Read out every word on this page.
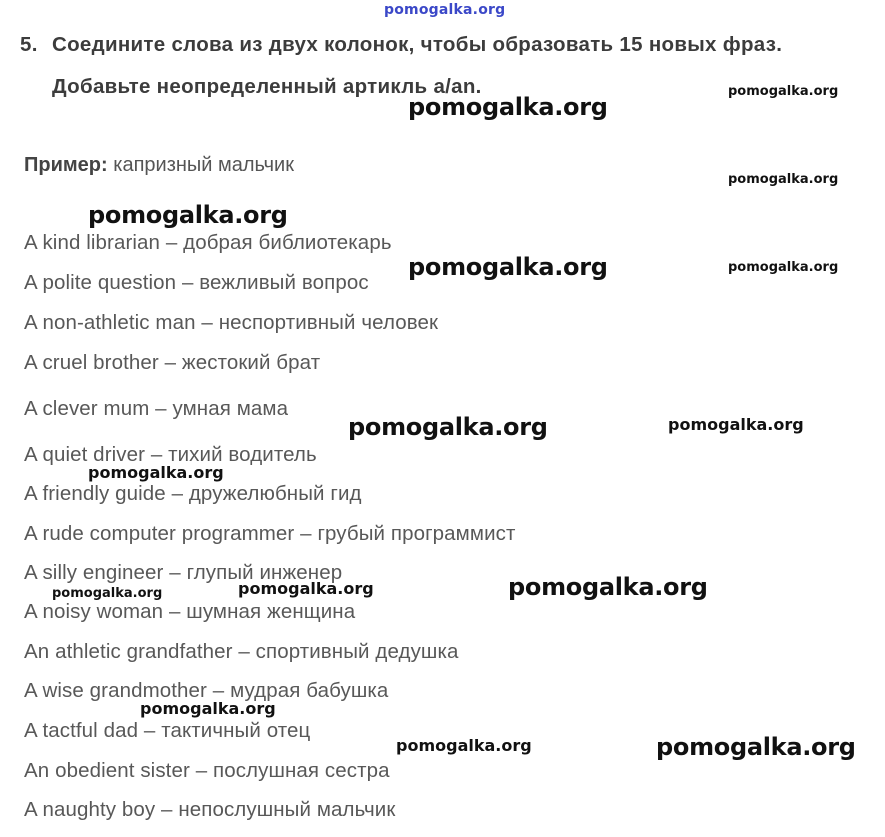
pomogalka.org
5. Соедините слова из двух колонок, чтобы образовать 15 новых фраз.
Добавьте неопределенный артикль a/an.
Пример: капризный мальчик
A kind librarian – добрая библиотекарь
A polite question – вежливый вопрос
A non-athletic man – неспортивный человек
A cruel brother – жестокий брат
A clever mum – умная мама
A quiet driver – тихий водитель
A friendly guide – дружелюбный гид
A rude computer programmer – грубый программист
A silly engineer – глупый инженер
A noisy woman – шумная женщина
An athletic grandfather – спортивный дедушка
A wise grandmother – мудрая бабушка
A tactful dad – тактичный отец
An obedient sister – послушная сестра
A naughty boy – непослушный мальчик
pomogalka.org
pomogalka.org
pomogalka.org
pomogalka.org
pomogalka.org	pomogalka.org
pomogalka.org	pomogalka.org
pomogalka.org
pomogalka.org
pomogalka.org	pomogalka.org
pomogalka.org
pomogalka.org	pomogalka.org
